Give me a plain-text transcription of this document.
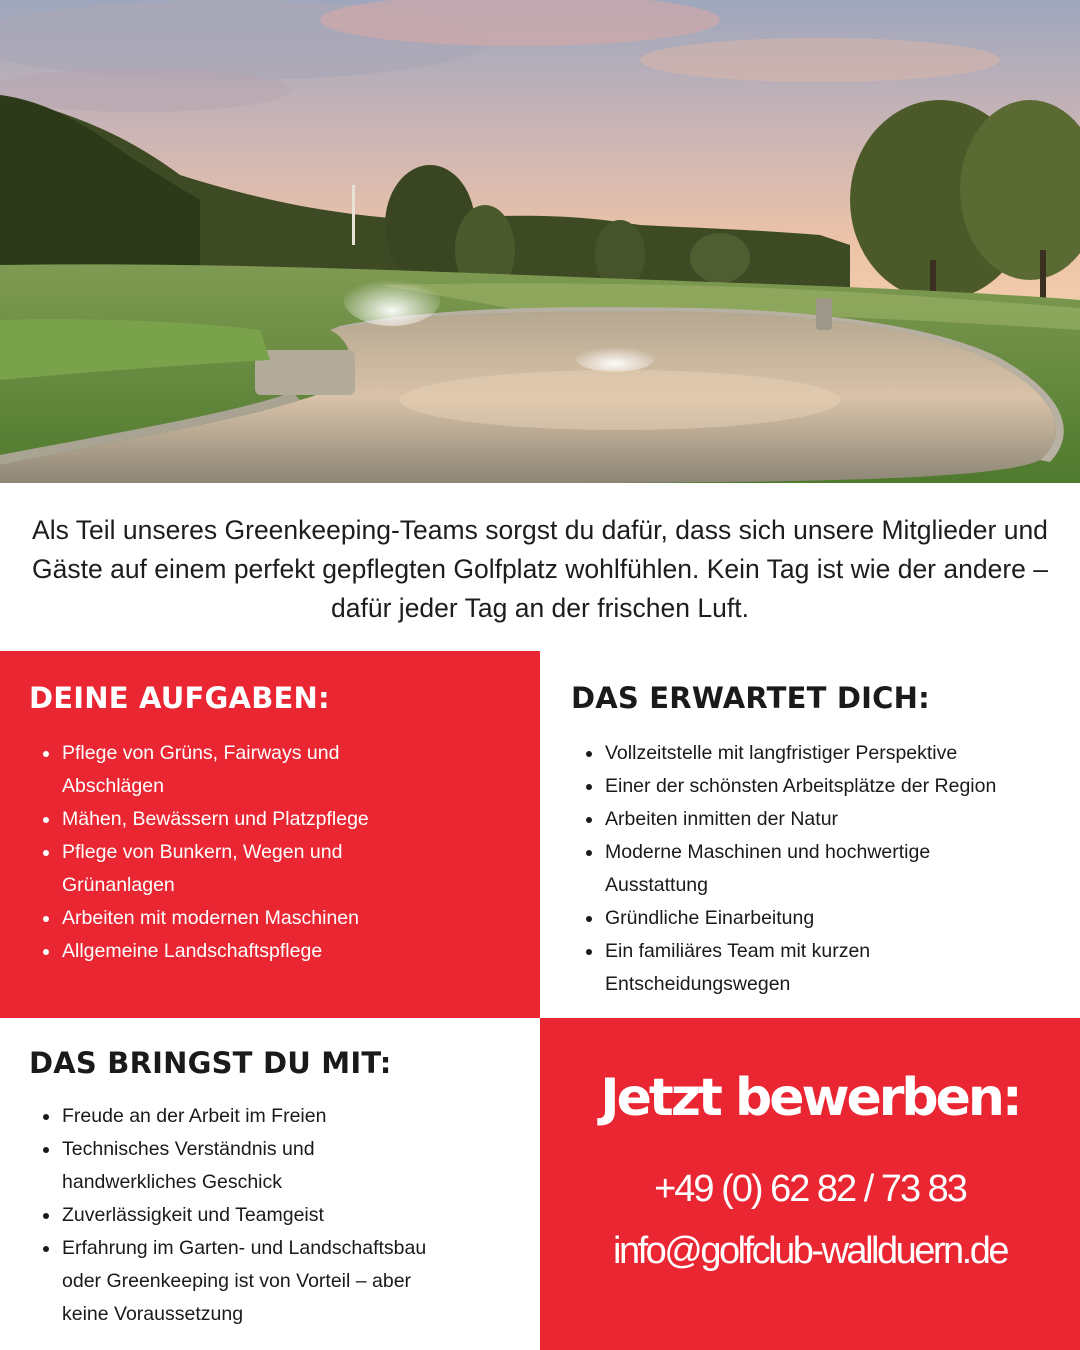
Als Teil unseres Greenkeeping-Teams sorgst du dafür, dass sich unsere Mitglieder und Gäste auf einem perfekt gepflegten Golfplatz wohlfühlen. Kein Tag ist wie der andere – dafür jeder Tag an der frischen Luft.

DEINE AUFGABEN:
Pflege von Grüns, Fairways und Abschlägen
Mähen, Bewässern und Platzpflege
Pflege von Bunkern, Wegen und Grünanlagen
Arbeiten mit modernen Maschinen
Allgemeine Landschaftspflege
DAS ERWARTET DICH:
Vollzeitstelle mit langfristiger Perspektive
Einer der schönsten Arbeitsplätze der Region
Arbeiten inmitten der Natur
Moderne Maschinen und hochwertige Ausstattung
Gründliche Einarbeitung
Ein familiäres Team mit kurzen Entscheidungswegen
DAS BRINGST DU MIT:
Freude an der Arbeit im Freien
Technisches Verständnis und handwerkliches Geschick
Zuverlässigkeit und Teamgeist
Erfahrung im Garten- und Landschaftsbau oder Greenkeeping ist von Vorteil – aber keine Voraussetzung
Jetzt bewerben:
+49 (0) 62 82 / 73 83
info@golfclub-wallduern.de
